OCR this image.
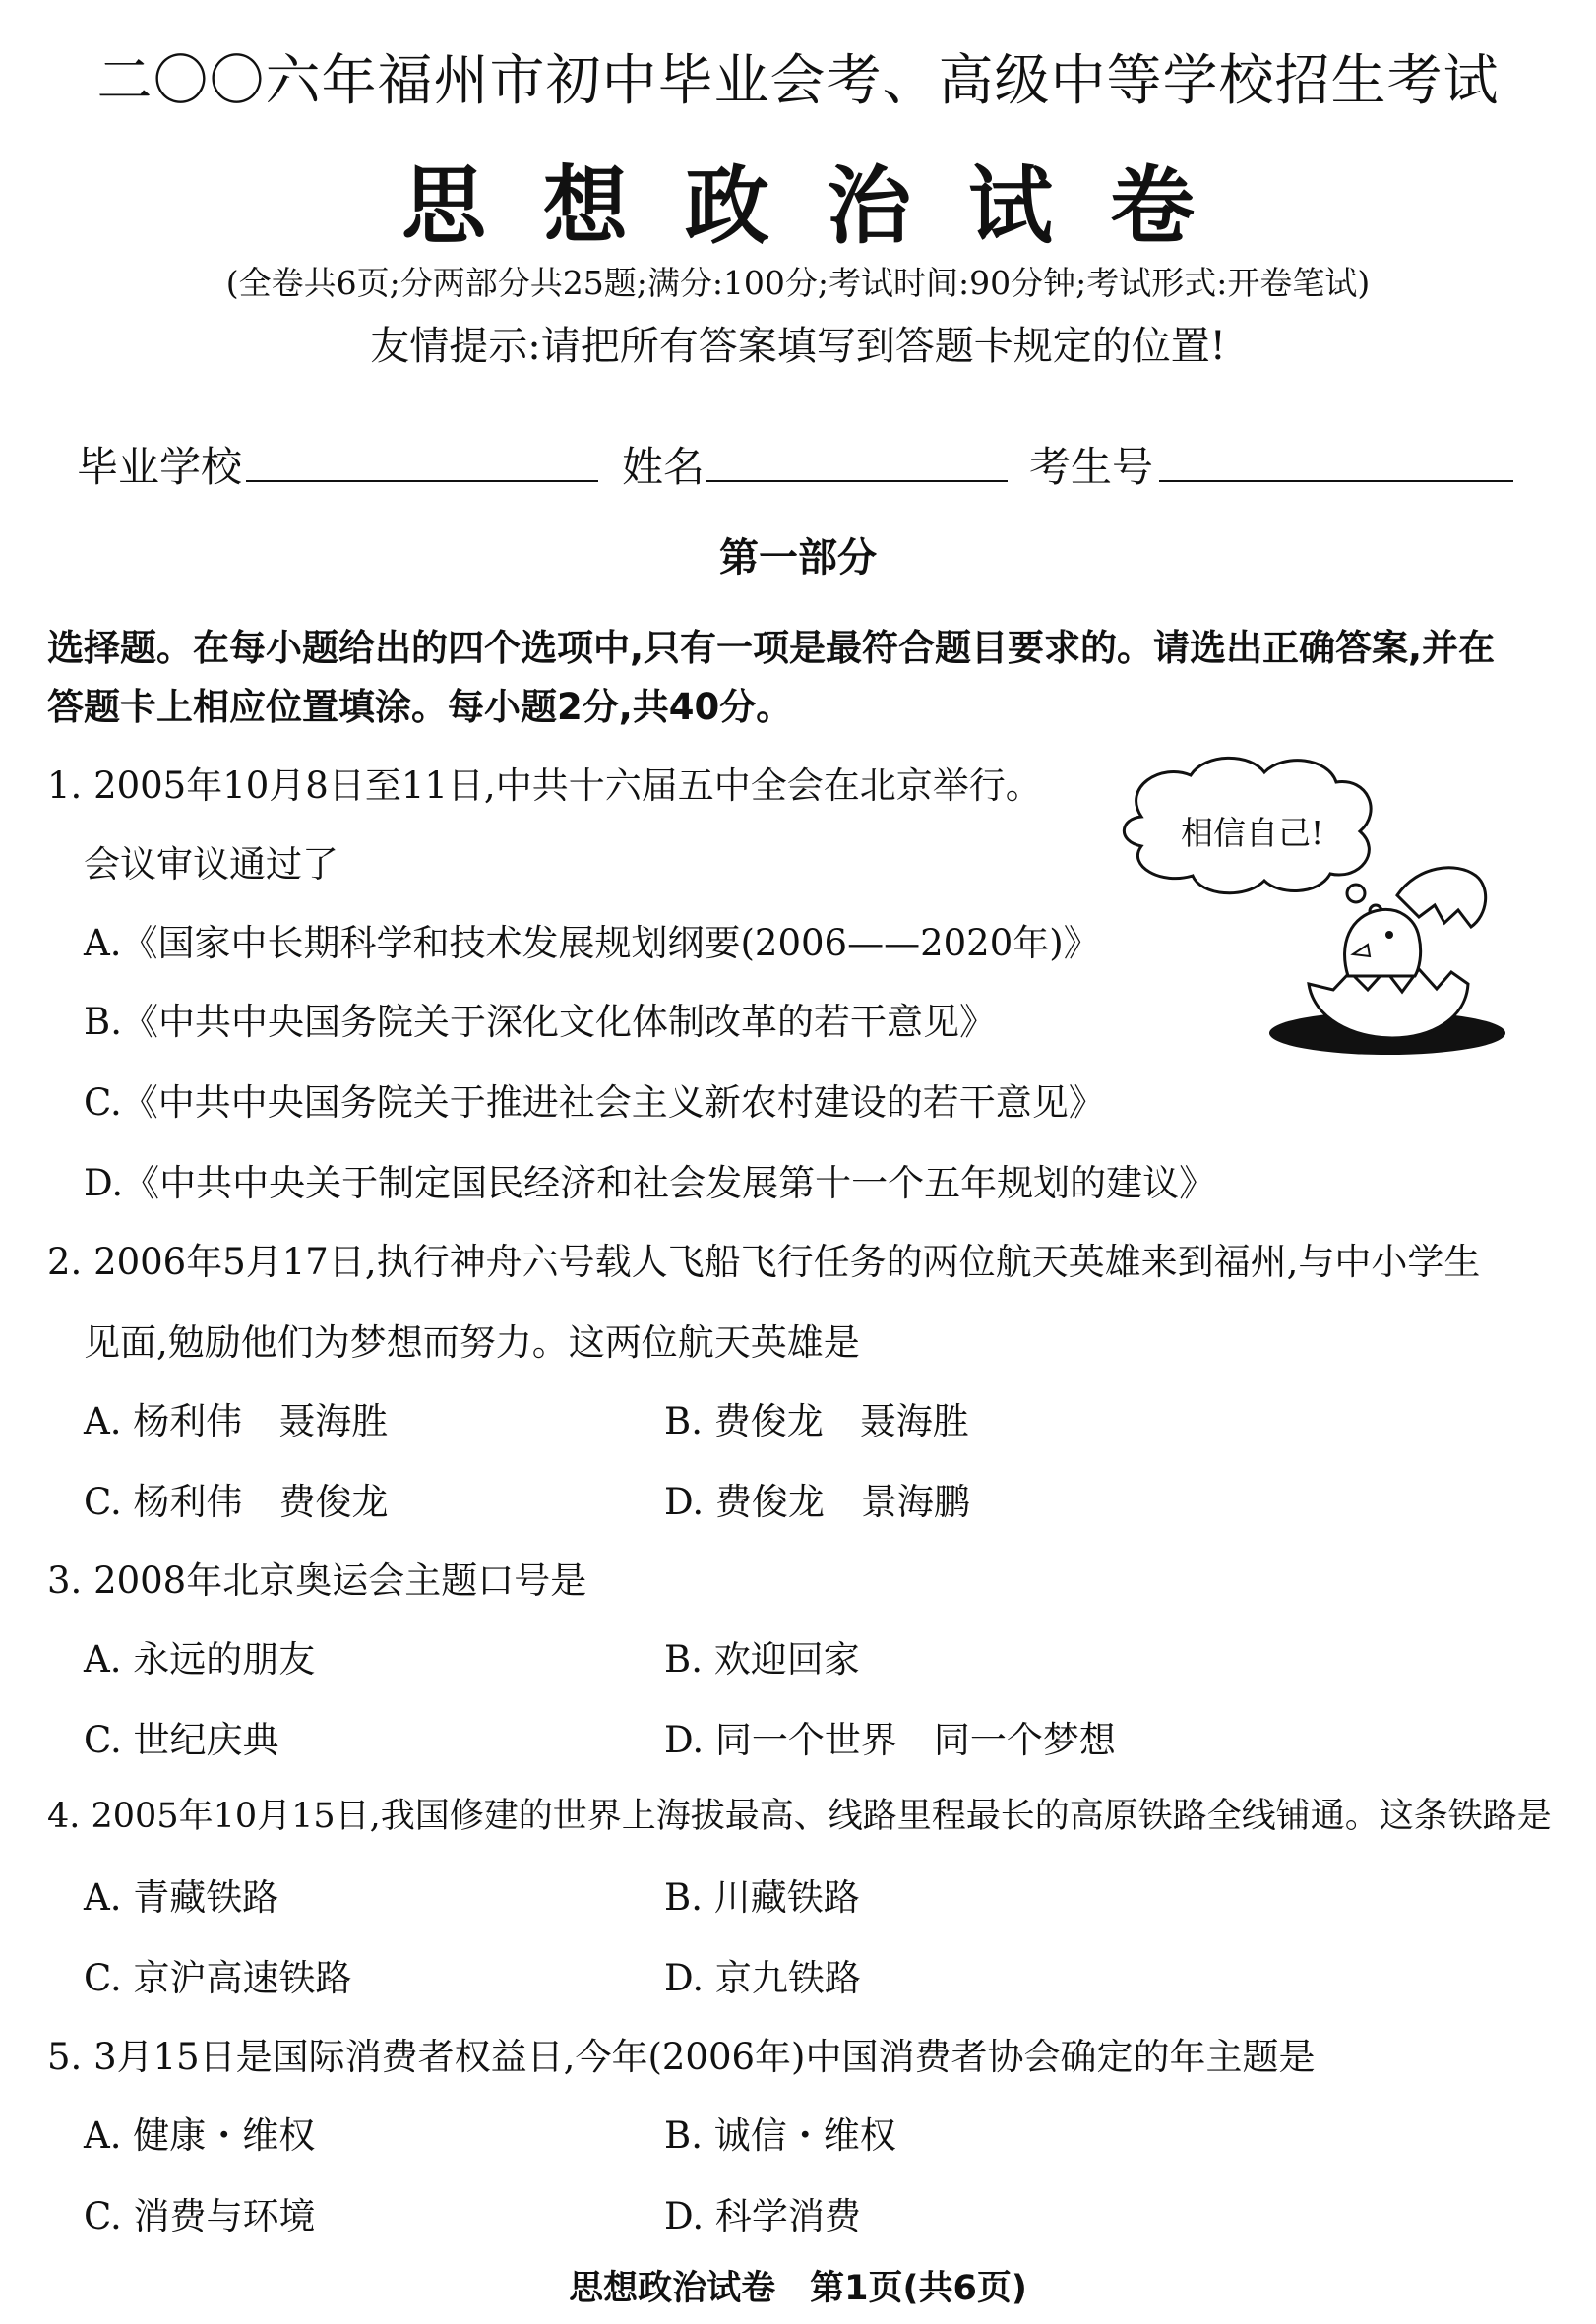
二〇〇六年福州市初中毕业会考、高级中等学校招生考试
思想政治试卷
(全卷共6页;分两部分共25题;满分:100分;考试时间:90分钟;考试形式:开卷笔试)
友情提示:请把所有答案填写到答题卡规定的位置!
毕业学校	姓名	考生号
第一部分
选择题。在每小题给出的四个选项中,只有一项是最符合题目要求的。请选出正确答案,并在
答题卡上相应位置填涂。每小题2分,共40分。
1. 2005年10月8日至11日,中共十六届五中全会在北京举行。
会议审议通过了
A.《国家中长期科学和技术发展规划纲要(2006——2020年)》
B.《中共中央国务院关于深化文化体制改革的若干意见》
C.《中共中央国务院关于推进社会主义新农村建设的若干意见》
D.《中共中央关于制定国民经济和社会发展第十一个五年规划的建议》
2. 2006年5月17日,执行神舟六号载人飞船飞行任务的两位航天英雄来到福州,与中小学生
见面,勉励他们为梦想而努力。这两位航天英雄是
A. 杨利伟　聂海胜	B. 费俊龙　聂海胜
C. 杨利伟　费俊龙	D. 费俊龙　景海鹏
3. 2008年北京奥运会主题口号是
A. 永远的朋友	B. 欢迎回家
C. 世纪庆典	D. 同一个世界　同一个梦想
4. 2005年10月15日,我国修建的世界上海拔最高、线路里程最长的高原铁路全线铺通。这条铁路是
A. 青藏铁路	B. 川藏铁路
C. 京沪高速铁路	D. 京九铁路
5. 3月15日是国际消费者权益日,今年(2006年)中国消费者协会确定的年主题是
A. 健康・维权	B. 诚信・维权
C. 消费与环境	D. 科学消费
相信自己!
思想政治试卷　第1页(共6页)
